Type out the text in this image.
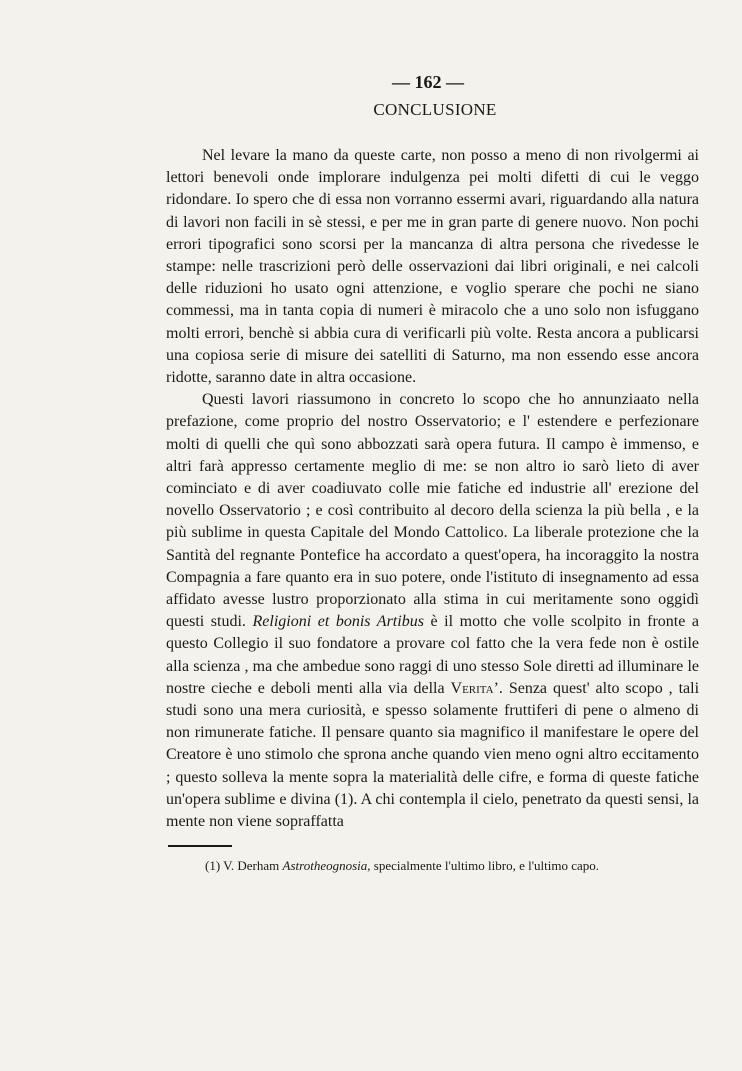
— 162 —
CONCLUSIONE

Nel levare la mano da queste carte, non posso a meno di non rivolgermi ai lettori benevoli onde implorare indulgenza pei molti difetti di cui le veggo ridondare. Io spero che di essa non vorranno essermi avari, riguardando alla natura di lavori non facili in sè stessi, e per me in gran parte di genere nuovo. Non pochi errori tipografici sono scorsi per la mancanza di altra persona che rivedesse le stampe: nelle trascrizioni però delle osservazioni dai libri originali, e nei calcoli delle riduzioni ho usato ogni attenzione, e voglio sperare che pochi ne siano commessi, ma in tanta copia di numeri è miracolo che a uno solo non isfuggano molti errori, benchè si abbia cura di verificarli più volte. Resta ancora a publicarsi una copiosa serie di misure dei satelliti di Saturno, ma non essendo esse ancora ridotte, saranno date in altra occasione.

Questi lavori riassumono in concreto lo scopo che ho annunziaato nella prefazione, come proprio del nostro Osservatorio; e l' estendere e perfezionare molti di quelli che quì sono abbozzati sarà opera futura. Il campo è immenso, e altri farà appresso certamente meglio di me: se non altro io sarò lieto di aver cominciato e di aver coadiuvato colle mie fatiche ed industrie all' erezione del novello Osservatorio ; e così contribuito al decoro della scienza la più bella , e la più sublime in questa Capitale del Mondo Cattolico. La liberale protezione che la Santità del regnante Pontefice ha accordato a quest'opera, ha incoraggito la nostra Compagnia a fare quanto era in suo potere, onde l'istituto di insegnamento ad essa affidato avesse lustro proporzionato alla stima in cui meritamente sono oggidì questi studi. Religioni et bonis Artibus è il motto che volle scolpito in fronte a questo Collegio il suo fondatore a provare col fatto che la vera fede non è ostile alla scienza , ma che ambedue sono raggi di uno stesso Sole diretti ad illuminare le nostre cieche e deboli menti alla via della Verita’. Senza quest' alto scopo , tali studi sono una mera curiosità, e spesso solamente fruttiferi di pene o almeno di non rimunerate fatiche. Il pensare quanto sia magnifico il manifestare le opere del Creatore è uno stimolo che sprona anche quando vien meno ogni altro eccitamento ; questo solleva la mente sopra la materialità delle cifre, e forma di queste fatiche un'opera sublime e divina (1). A chi contempla il cielo, penetrato da questi sensi, la mente non viene sopraffatta

(1) V. Derham Astrotheognosia, specialmente l'ultimo libro, e l'ultimo capo.
